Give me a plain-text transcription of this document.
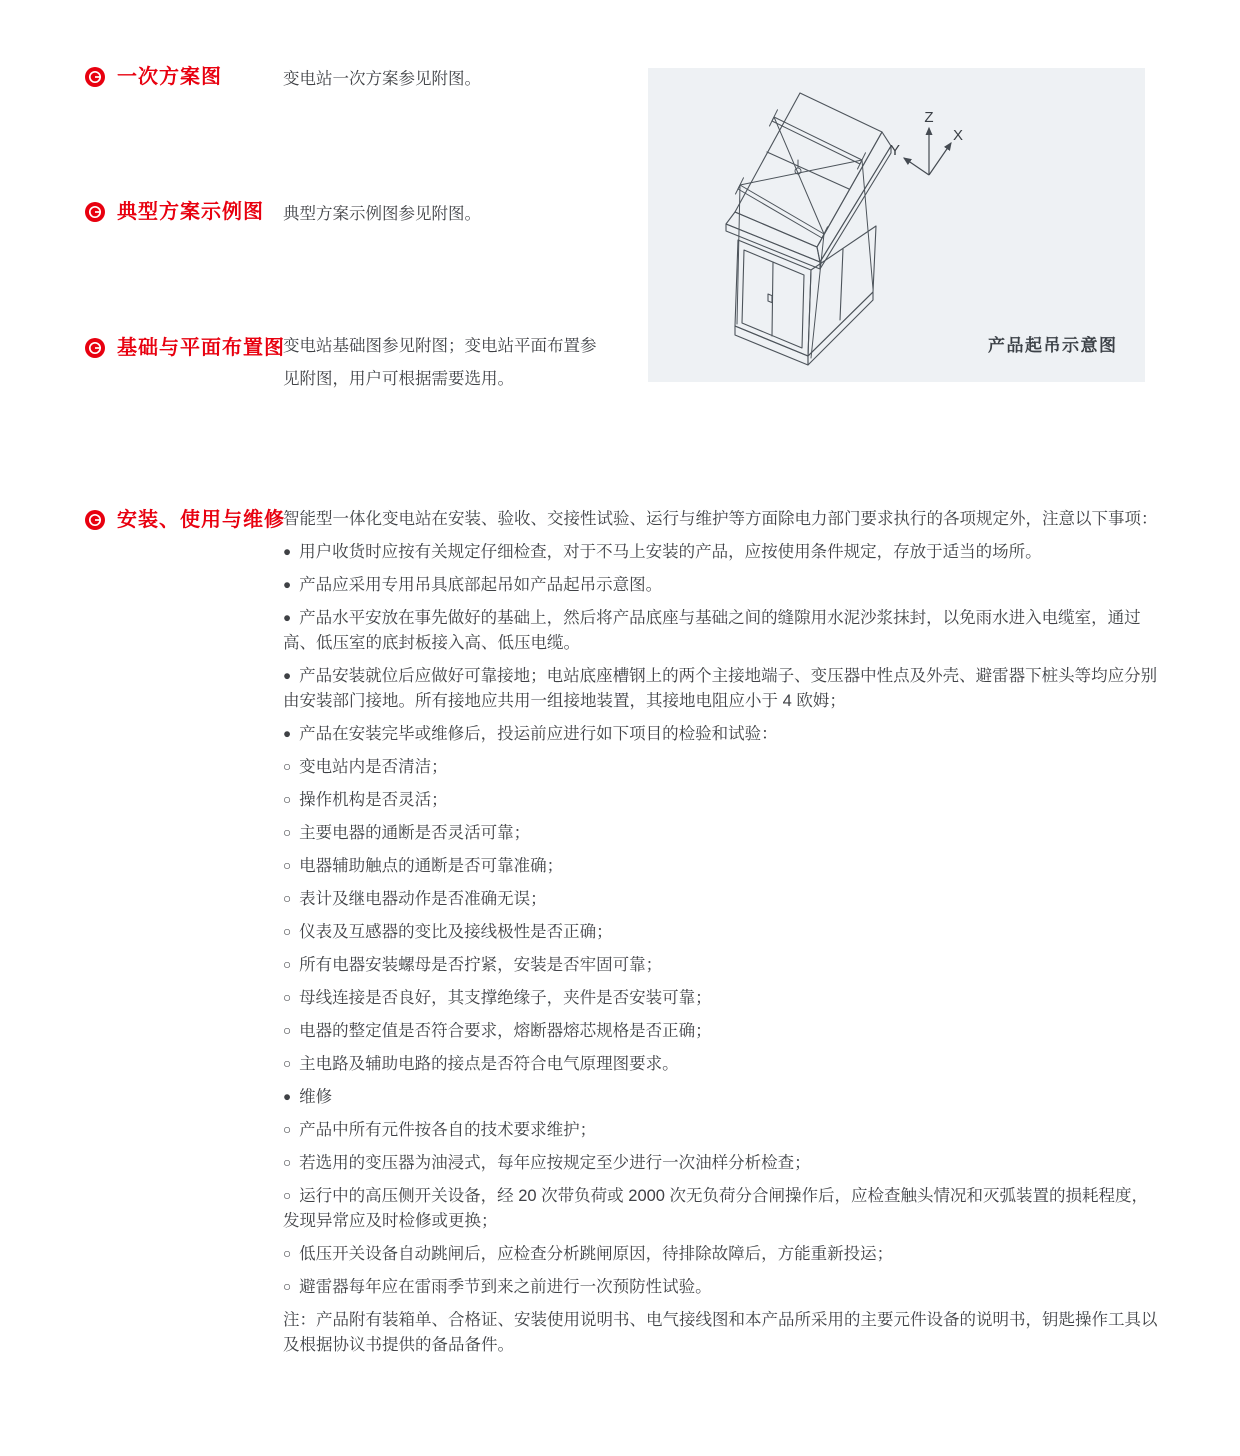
Z
X
Y
产品起吊示意图
一次方案图	变电站一次方案参见附图。
典型方案示例图 典型方案示例图参见附图。
基础与平面布置图
变电站基础图参见附图；变电站平面布置参见附图，用户可根据需要选用。
安装、使用与维修

智能型一体化变电站在安装、验收、交接性试验、运行与维护等方面除电力部门要求执行的各项规定外，注意以下事项：

● 用户收货时应按有关规定仔细检查，对于不马上安装的产品，应按使用条件规定，存放于适当的场所。

● 产品应采用专用吊具底部起吊如产品起吊示意图。

● 产品水平安放在事先做好的基础上，然后将产品底座与基础之间的缝隙用水泥沙浆抹封，以免雨水进入电缆室，通过高、低压室的底封板接入高、低压电缆。

● 产品安装就位后应做好可靠接地；电站底座槽钢上的两个主接地端子、变压器中性点及外壳、避雷器下桩头等均应分别由安装部门接地。所有接地应共用一组接地装置，其接地电阻应小于 4 欧姆；

● 产品在安装完毕或维修后，投运前应进行如下项目的检验和试验：

○ 变电站内是否清洁；

○ 操作机构是否灵活；

○ 主要电器的通断是否灵活可靠；

○ 电器辅助触点的通断是否可靠准确；

○ 表计及继电器动作是否准确无误；

○ 仪表及互感器的变比及接线极性是否正确；

○ 所有电器安装螺母是否拧紧，安装是否牢固可靠；

○ 母线连接是否良好，其支撑绝缘子，夹件是否安装可靠；

○ 电器的整定值是否符合要求，熔断器熔芯规格是否正确；

○ 主电路及辅助电路的接点是否符合电气原理图要求。

● 维修

○ 产品中所有元件按各自的技术要求维护；

○ 若选用的变压器为油浸式，每年应按规定至少进行一次油样分析检查；

○ 运行中的高压侧开关设备，经 20 次带负荷或 2000 次无负荷分合闸操作后，应检查触头情况和灭弧装置的损耗程度，发现异常应及时检修或更换；

○ 低压开关设备自动跳闸后，应检查分析跳闸原因，待排除故障后，方能重新投运；

○ 避雷器每年应在雷雨季节到来之前进行一次预防性试验。

注：产品附有装箱单、合格证、安装使用说明书、电气接线图和本产品所采用的主要元件设备的说明书，钥匙操作工具以及根据协议书提供的备品备件。
